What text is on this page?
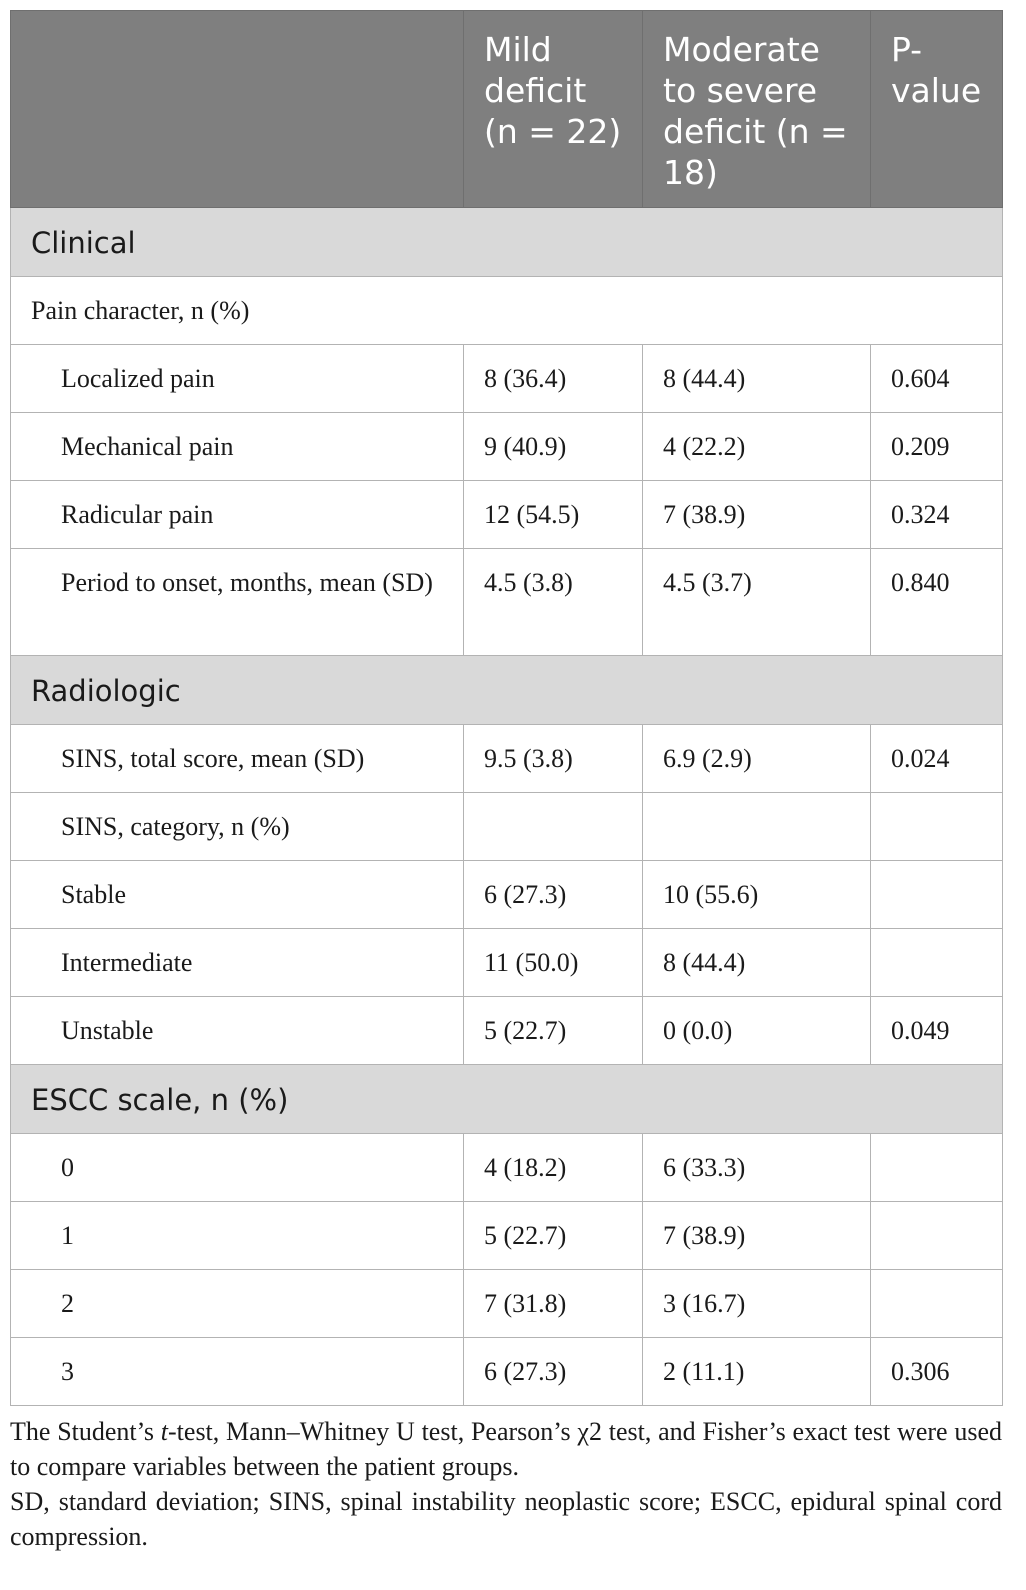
	Mild deficit (n = 22)	Moderate to severe deficit (n = 18)	P-value
Clinical			
Pain character, n (%)			
Localized pain	8 (36.4)	8 (44.4)	0.604
Mechanical pain	9 (40.9)	4 (22.2)	0.209
Radicular pain	12 (54.5)	7 (38.9)	0.324
Period to onset, months, mean (SD)	4.5 (3.8)	4.5 (3.7)	0.840
Radiologic			
SINS, total score, mean (SD)	9.5 (3.8)	6.9 (2.9)	0.024
SINS, category, n (%)			
Stable	6 (27.3)	10 (55.6)	
Intermediate	11 (50.0)	8 (44.4)	
Unstable	5 (22.7)	0 (0.0)	0.049
ESCC scale, n (%)			
0	4 (18.2)	6 (33.3)	
1	5 (22.7)	7 (38.9)	
2	7 (31.8)	3 (16.7)	
3	6 (27.3)	2 (11.1)	0.306

The Student’s t-test, Mann–Whitney U test, Pearson’s χ2 test, and Fisher’s exact test were used to compare variables between the patient groups.

SD, standard deviation; SINS, spinal instability neoplastic score; ESCC, epidural spinal cord compression.
